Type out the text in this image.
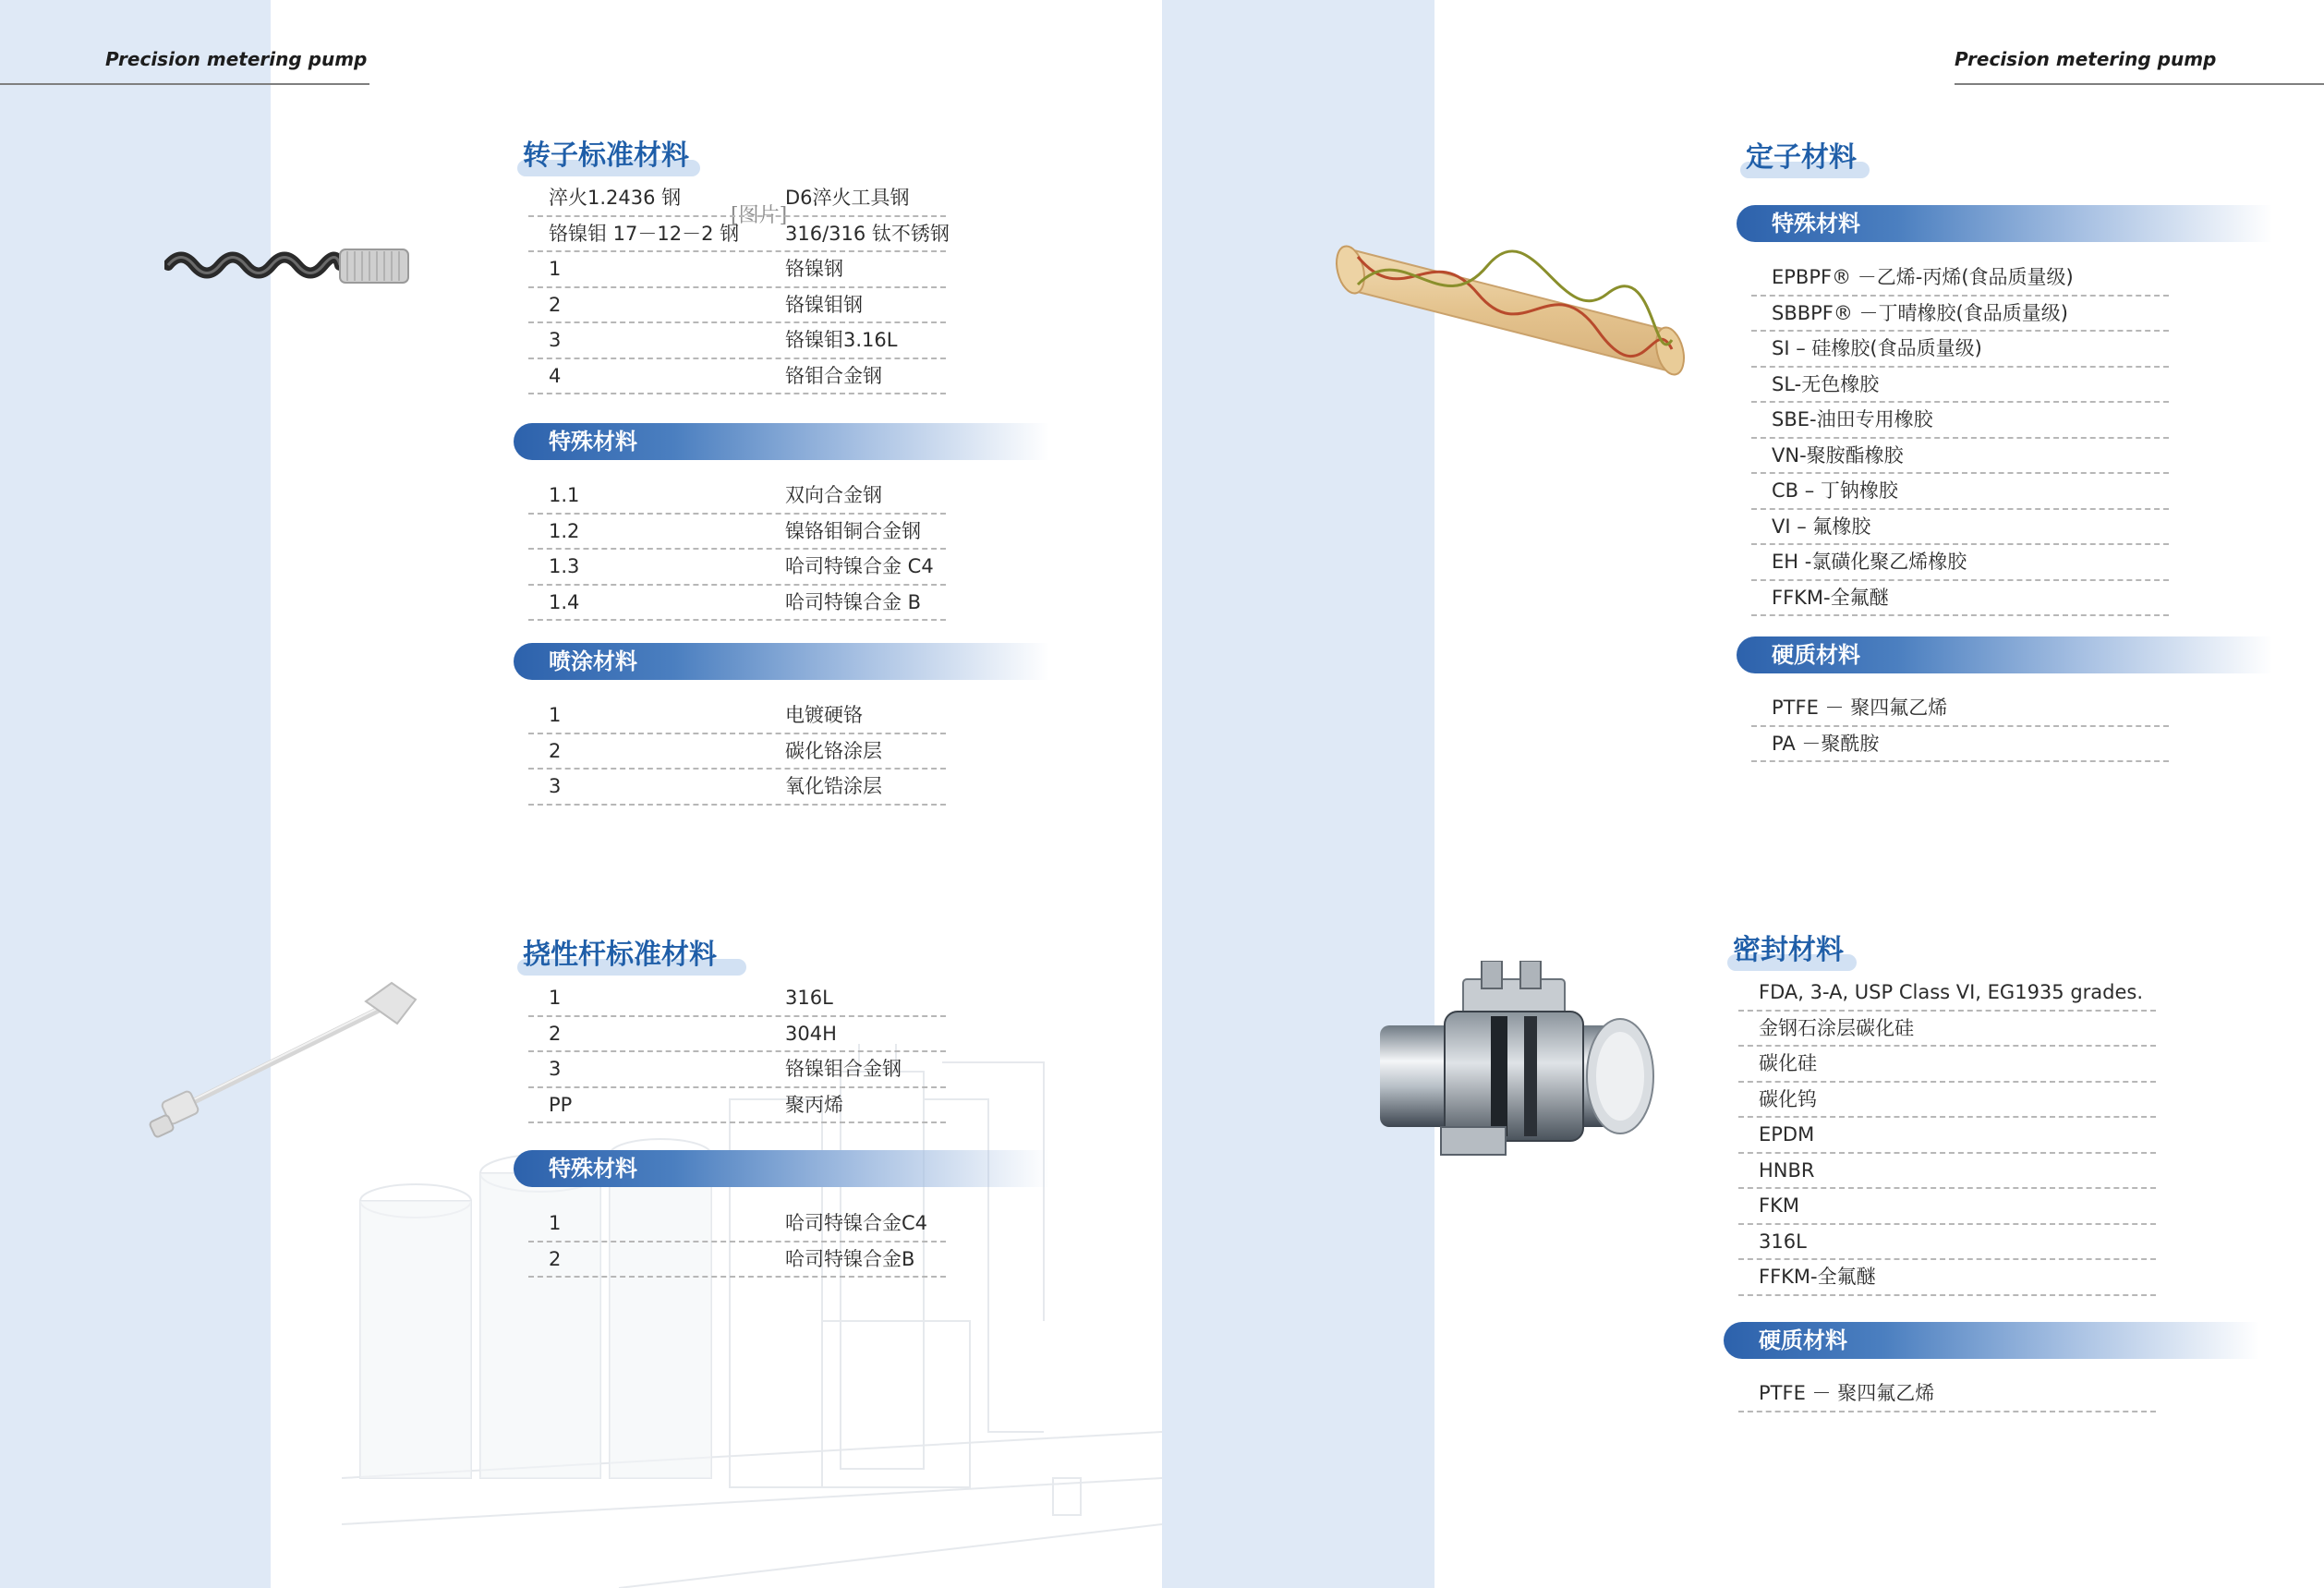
Precision metering pump	Precision metering pump
[图片]
转子标准材料
淬火1.2436 钢	D6淬火工具钢
铬镍钼 17－12－2 钢 316/316 钛不锈钢
1	铬镍钢
2	铬镍钼钢
3	铬镍钼3.16L
4	铬钼合金钢
特殊材料
1.1	双向合金钢
1.2	镍铬钼铜合金钢
1.3	哈司特镍合金 C4
1.4	哈司特镍合金 B
喷涂材料
1	电镀硬铬
2	碳化铬涂层
3	氧化锆涂层
挠性杆标准材料
1	316L
2	304H
3	铬镍钼合金钢
PP	聚丙烯
特殊材料
1	哈司特镍合金C4
2	哈司特镍合金B
定子材料
特殊材料
EPBPF® －乙烯-丙烯(食品质量级)
SBBPF® －丁晴橡胶(食品质量级)
SI – 硅橡胶(食品质量级)
SL-无色橡胶
SBE-油田专用橡胶
VN-聚胺酯橡胶
CB – 丁钠橡胶
VI – 氟橡胶
EH -氯磺化聚乙烯橡胶
FFKM-全氟醚
硬质材料
PTFE － 聚四氟乙烯
PA －聚酰胺
密封材料
FDA, 3-A, USP Class VI, EG1935 grades.
金钢石涂层碳化硅
碳化硅
碳化钨
EPDM
HNBR
FKM
316L
FFKM-全氟醚
硬质材料
PTFE － 聚四氟乙烯
